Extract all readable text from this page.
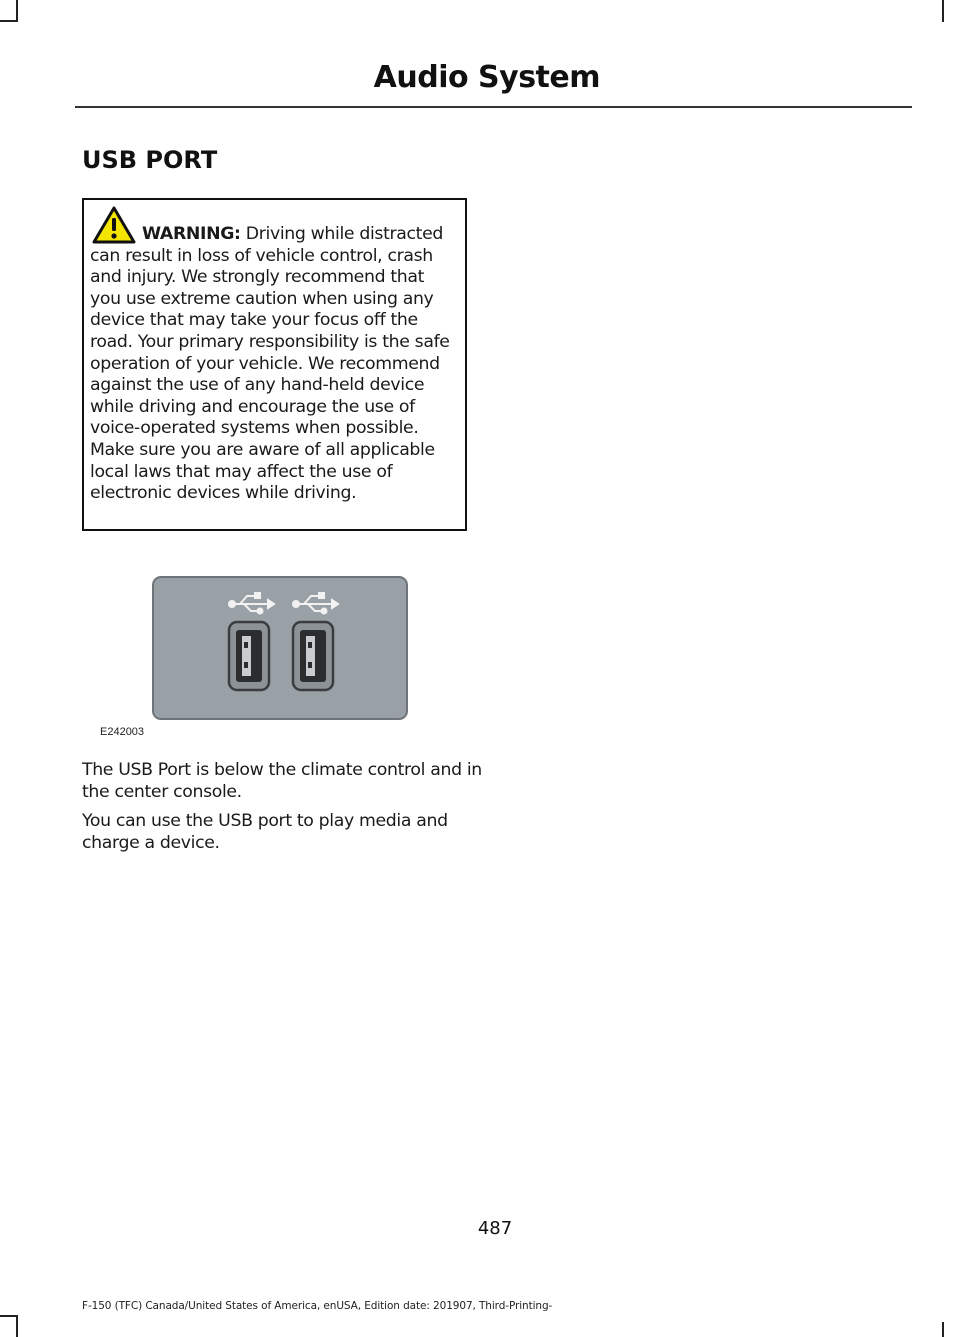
Audio System
USB PORT

WARNING: Driving while distracted can result in loss of vehicle control, crash and injury. We strongly recommend that you use extreme caution when using any device that may take your focus off the road. Your primary responsibility is the safe operation of your vehicle. We recommend against the use of any hand-held device while driving and encourage the use of voice-operated systems when possible. Make sure you are aware of all applicable local laws that may affect the use of electronic devices while driving.

E242003

The USB Port is below the climate control and in the center console.

You can use the USB port to play media and charge a device.

487
F-150 (TFC) Canada/United States of America, enUSA, Edition date: 201907, Third-Printing-
